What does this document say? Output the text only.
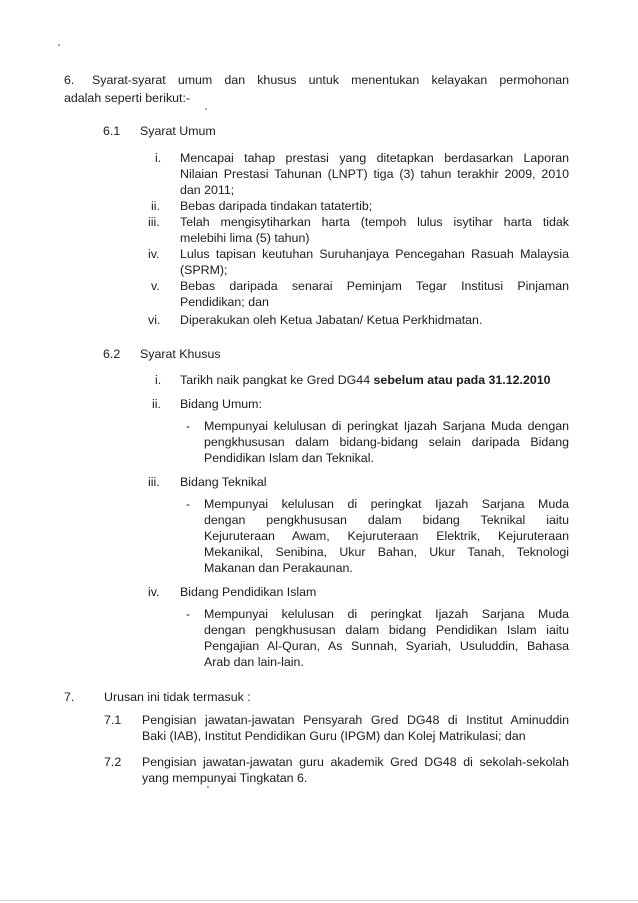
6. Syarat-syarat umum dan khusus untuk menentukan kelayakan permohonan
adalah seperti berikut:-
6.1 Syarat Umum
i. Mencapai tahap prestasi yang ditetapkan berdasarkan Laporan
Nilaian Prestasi Tahunan (LNPT) tiga (3) tahun terakhir 2009, 2010
dan 2011;
ii. Bebas daripada tindakan tatatertib;
iii. Telah mengisytiharkan harta (tempoh lulus isytihar harta tidak
melebihi lima (5) tahun)
iv. Lulus tapisan keutuhan Suruhanjaya Pencegahan Rasuah Malaysia
(SPRM);
v. Bebas daripada senarai Peminjam Tegar Institusi Pinjaman
Pendidikan; dan
vi. Diperakukan oleh Ketua Jabatan/ Ketua Perkhidmatan.
6.2 Syarat Khusus
i. Tarikh naik pangkat ke Gred DG44 sebelum atau pada 31.12.2010
ii. Bidang Umum:
- Mempunyai kelulusan di peringkat Ijazah Sarjana Muda dengan
pengkhususan dalam bidang-bidang selain daripada Bidang
Pendidikan Islam dan Teknikal.
iii. Bidang Teknikal
- Mempunyai kelulusan di peringkat Ijazah Sarjana Muda
dengan pengkhususan dalam bidang Teknikal iaitu
Kejuruteraan Awam, Kejuruteraan Elektrik, Kejuruteraan
Mekanikal, Senibina, Ukur Bahan, Ukur Tanah, Teknologi
Makanan dan Perakaunan.
iv. Bidang Pendidikan Islam
- Mempunyai kelulusan di peringkat Ijazah Sarjana Muda
dengan pengkhususan dalam bidang Pendidikan Islam iaitu
Pengajian Al-Quran, As Sunnah, Syariah, Usuluddin, Bahasa
Arab dan lain-lain.
7. Urusan ini tidak termasuk :
7.1 Pengisian jawatan-jawatan Pensyarah Gred DG48 di Institut Aminuddin
Baki (IAB), Institut Pendidikan Guru (IPGM) dan Kolej Matrikulasi; dan
7.2 Pengisian jawatan-jawatan guru akademik Gred DG48 di sekolah-sekolah
yang mempunyai Tingkatan 6.
